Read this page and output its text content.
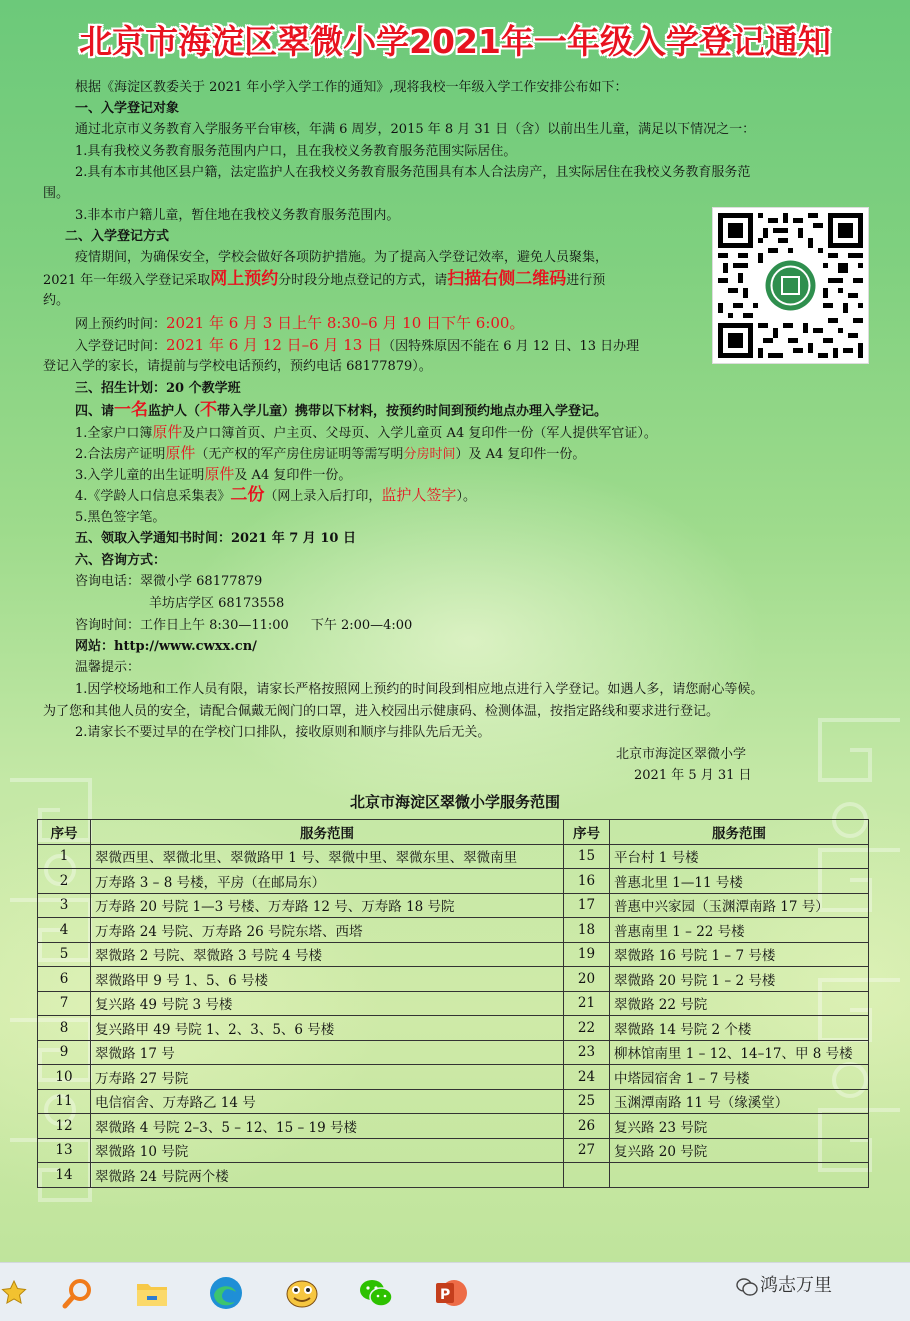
北京市海淀区翠微小学2021年一年级入学登记通知
根据《海淀区教委关于 2021 年小学入学工作的通知》,现将我校一年级入学工作安排公布如下：
一、入学登记对象
通过北京市义务教育入学服务平台审核，年满 6 周岁，2015 年 8 月 31 日（含）以前出生儿童，满足以下情况之一：
1.具有我校义务教育服务范围内户口，且在我校义务教育服务范围实际居住。
2.具有本市其他区县户籍，法定监护人在我校义务教育服务范围具有本人合法房产，且实际居住在我校义务教育服务范
围。
3.非本市户籍儿童，暂住地在我校义务教育服务范围内。
二、入学登记方式
疫情期间，为确保安全，学校会做好各项防护措施。为了提高入学登记效率，避免人员聚集，
2021 年一年级入学登记采取网上预约分时段分地点登记的方式，请扫描右侧二维码进行预
约。
网上预约时间：2021 年 6 月 3 日上午 8:30–6 月 10 日下午 6:00。
入学登记时间：2021 年 6 月 12 日–6 月 13 日（因特殊原因不能在 6 月 12 日、13 日办理
登记入学的家长，请提前与学校电话预约，预约电话 68177879）。
三、招生计划：20 个教学班
四、请一名监护人（不带入学儿童）携带以下材料，按预约时间到预约地点办理入学登记。
1.全家户口簿原件及户口簿首页、户主页、父母页、入学儿童页 A4 复印件一份（军人提供军官证）。
2.合法房产证明原件（无产权的军产房住房证明等需写明分房时间）及 A4 复印件一份。
3.入学儿童的出生证明原件及 A4 复印件一份。
4.《学龄人口信息采集表》二份（网上录入后打印，监护人签字）。
5.黑色签字笔。
五、领取入学通知书时间：2021 年 7 月 10 日
六、咨询方式：
咨询电话：翠微小学 68177879
羊坊店学区 68173558
咨询时间：工作日上午 8:30—11:00 下午 2:00—4:00
网站：http://www.cwxx.cn/
温馨提示：
1.因学校场地和工作人员有限，请家长严格按照网上预约的时间段到相应地点进行入学登记。如遇人多，请您耐心等候。
为了您和其他人员的安全，请配合佩戴无阀门的口罩，进入校园出示健康码、检测体温，按指定路线和要求进行登记。
2.请家长不要过早的在学校门口排队，接收原则和顺序与排队先后无关。
北京市海淀区翠微小学
2021 年 5 月 31 日
北京市海淀区翠微小学服务范围
序号	服务范围	序号	服务范围
1	翠微西里、翠微北里、翠微路甲 1 号、翠微中里、翠微东里、翠微南里	15	平台村 1 号楼
2	万寿路 3 – 8 号楼，平房（在邮局东）	16	普惠北里 1—11 号楼
3	万寿路 20 号院 1—3 号楼、万寿路 12 号、万寿路 18 号院	17	普惠中兴家园（玉渊潭南路 17 号）
4	万寿路 24 号院、万寿路 26 号院东塔、西塔	18	普惠南里 1 – 22 号楼
5	翠微路 2 号院、翠微路 3 号院 4 号楼	19	翠微路 16 号院 1 – 7 号楼
6	翠微路甲 9 号 1、5、6 号楼	20	翠微路 20 号院 1 – 2 号楼
7	复兴路 49 号院 3 号楼	21	翠微路 22 号院
8	复兴路甲 49 号院 1、2、3、5、6 号楼	22	翠微路 14 号院 2 个楼
9	翠微路 17 号	23	柳林馆南里 1 – 12、14–17、甲 8 号楼
10	万寿路 27 号院	24	中塔园宿舍 1 – 7 号楼
11	电信宿舍、万寿路乙 14 号	25	玉渊潭南路 11 号（缘溪堂）
12	翠微路 4 号院 2–3、5 – 12、15 – 19 号楼	26	复兴路 23 号院
13	翠微路 10 号院	27	复兴路 20 号院
14	翠微路 24 号院两个楼		
P	鸿志万里
